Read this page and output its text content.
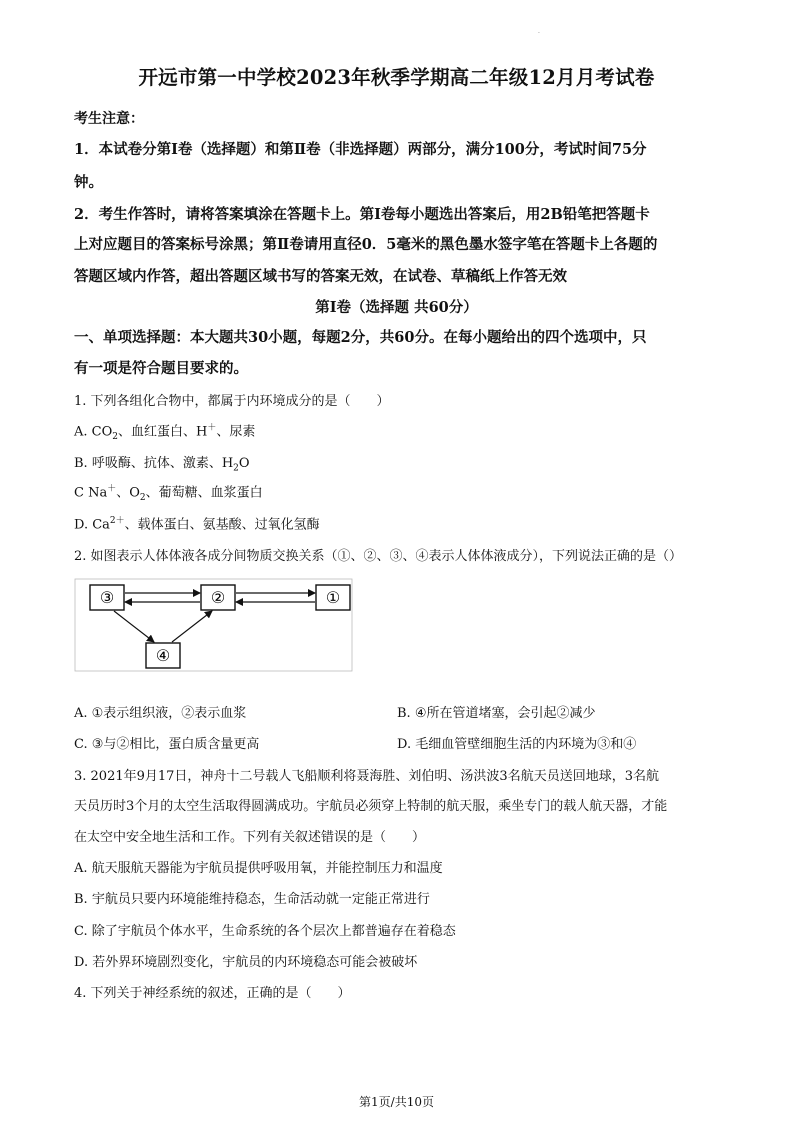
·
开远市第一中学校2023年秋季学期高二年级12月月考试卷
考生注意：
1．本试卷分第Ⅰ卷（选择题）和第Ⅱ卷（非选择题）两部分，满分100分，考试时间75分
钟。
2．考生作答时，请将答案填涂在答题卡上。第Ⅰ卷每小题选出答案后，用2B铅笔把答题卡
上对应题目的答案标号涂黑；第Ⅱ卷请用直径0．5毫米的黑色墨水签字笔在答题卡上各题的
答题区域内作答，超出答题区域书写的答案无效，在试卷、草稿纸上作答无效
第Ⅰ卷（选择题 共60分）
一、单项选择题：本大题共30小题，每题2分，共60分。在每小题给出的四个选项中，只
有一项是符合题目要求的。
1. 下列各组化合物中，都属于内环境成分的是（　　）
A. $CO_2$、血红蛋白、H＋、尿素
B. 呼吸酶、抗体、激素、$H_2O$
C Na＋、$O_2$、葡萄糖、血浆蛋白
D. $Ca^{2+}$、载体蛋白、氨基酸、过氧化氢酶
2. 如图表示人体体液各成分间物质交换关系（①、②、③、④表示人体体液成分），下列说法正确的是（）
③	②	①
④
A. ①表示组织液，②表示血浆	B. ④所在管道堵塞，会引起②减少
C. ③与②相比，蛋白质含量更高	D. 毛细血管壁细胞生活的内环境为③和④
3. 2021年9月17日，神舟十二号载人飞船顺利将聂海胜、刘伯明、汤洪波3名航天员送回地球，3名航
天员历时3个月的太空生活取得圆满成功。宇航员必须穿上特制的航天服，乘坐专门的载人航天器，才能
在太空中安全地生活和工作。下列有关叙述错误的是（　　）
A. 航天服航天器能为宇航员提供呼吸用氧，并能控制压力和温度
B. 宇航员只要内环境能维持稳态，生命活动就一定能正常进行
C. 除了宇航员个体水平，生命系统的各个层次上都普遍存在着稳态
D. 若外界环境剧烈变化，宇航员的内环境稳态可能会被破坏
4. 下列关于神经系统的叙述，正确的是（　　）
第1页/共10页
